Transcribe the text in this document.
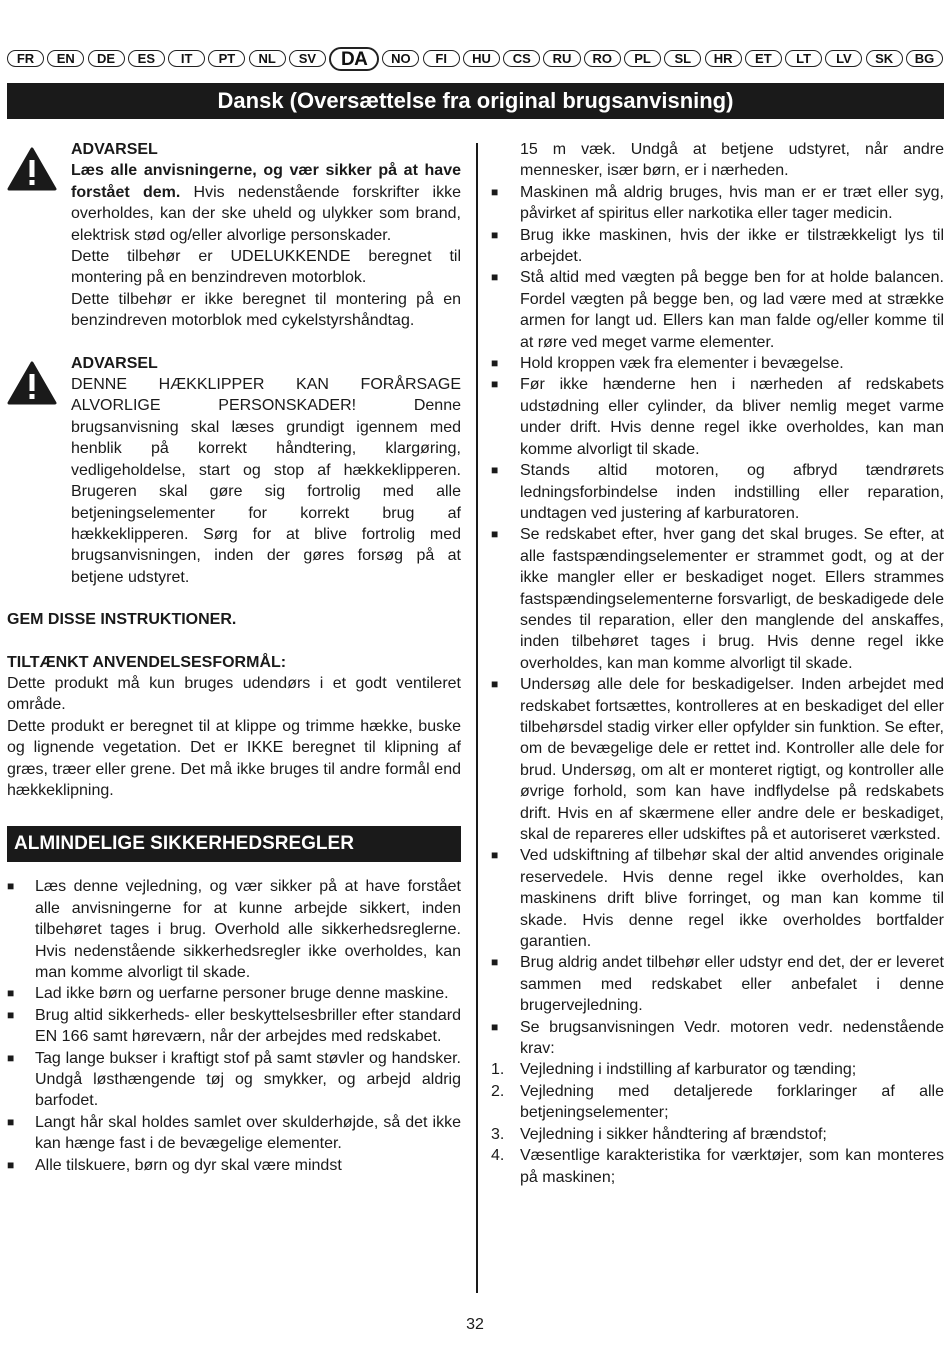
FR	EN	DE	ES	IT	PT	NL	SV	DA	NO	FI	HU	CS	RU	RO	PL	SL	HR	ET	LT	LV	SK	BG
Dansk (Oversættelse fra original brugsanvisning)
ADVARSEL

Læs alle anvisningerne, og vær sikker på at have forstået dem. Hvis nedenstående forskrifter ikke overholdes, kan der ske uheld og ulykker som brand, elektrisk stød og/eller alvorlige personskader.

Dette tilbehør er UDELUKKENDE beregnet til montering på en benzindreven motorblok.

Dette tilbehør er ikke beregnet til montering på en benzindreven motorblok med cykelstyrshåndtag.

ADVARSEL

DENNE HÆKKLIPPER KAN FORÅRSAGE ALVORLIGE PERSONSKADER! Denne brugsanvisning skal læses grundigt igennem med henblik på korrekt håndtering, klargøring, vedligeholdelse, start og stop af hækkeklipperen. Brugeren skal gøre sig fortrolig med alle betjeningselementer for korrekt brug af hækkeklipperen. Sørg for at blive fortrolig med brugsanvisningen, inden der gøres forsøg på at betjene udstyret.

GEM DISSE INSTRUKTIONER.
TILTÆNKT ANVENDELSESFORMÅL:

Dette produkt må kun bruges udendørs i et godt ventileret område.

Dette produkt er beregnet til at klippe og trimme hække, buske og lignende vegetation. Det er IKKE beregnet til klipning af græs, træer eller grene. Det må ikke bruges til andre formål end hækkeklipning.

ALMINDELIGE SIKKERHEDSREGLER
■ Læs denne vejledning, og vær sikker på at have forstået alle anvisningerne for at kunne arbejde sikkert, inden tilbehøret tages i brug. Overhold alle sikkerhedsreglerne. Hvis nedenstående sikkerhedsregler ikke overholdes, kan man komme alvorligt til skade.
■ Lad ikke børn og uerfarne personer bruge denne maskine.
■ Brug altid sikkerheds- eller beskyttelsesbriller efter standard EN 166 samt høreværn, når der arbejdes med redskabet.
■ Tag lange bukser i kraftigt stof på samt støvler og handsker. Undgå løsthængende tøj og smykker, og arbejd aldrig barfodet.
■ Langt hår skal holdes samlet over skulderhøjde, så det ikke kan hænge fast i de bevægelige elementer.
■ Alle tilskuere, børn og dyr skal være mindst
15 m væk. Undgå at betjene udstyret, når andre mennesker, især børn, er i nærheden.
■ Maskinen må aldrig bruges, hvis man er er træt eller syg, påvirket af spiritus eller narkotika eller tager medicin.
■ Brug ikke maskinen, hvis der ikke er tilstrækkeligt lys til arbejdet.
■ Stå altid med vægten på begge ben for at holde balancen. Fordel vægten på begge ben, og lad være med at strække armen for langt ud. Ellers kan man falde og/eller komme til at røre ved meget varme elementer.
■ Hold kroppen væk fra elementer i bevægelse.
■ Før ikke hænderne hen i nærheden af redskabets udstødning eller cylinder, da bliver nemlig meget varme under drift. Hvis denne regel ikke overholdes, kan man komme alvorligt til skade.
■ Stands altid motoren, og afbryd tændrørets ledningsforbindelse inden indstilling eller reparation, undtagen ved justering af karburatoren.
■ Se redskabet efter, hver gang det skal bruges. Se efter, at alle fastspændingselementer er strammet godt, og at der ikke mangler eller er beskadiget noget. Ellers strammes fastspændingselementerne forsvarligt, de beskadigede dele sendes til reparation, eller den manglende del anskaffes, inden tilbehøret tages i brug. Hvis denne regel ikke overholdes, kan man komme alvorligt til skade.
■ Undersøg alle dele for beskadigelser. Inden arbejdet med redskabet fortsættes, kontrolleres at en beskadiget del eller tilbehørsdel stadig virker eller opfylder sin funktion. Se efter, om de bevægelige dele er rettet ind. Kontroller alle dele for brud. Undersøg, om alt er monteret rigtigt, og kontroller alle øvrige forhold, som kan have indflydelse på redskabets drift. Hvis en af skærmene eller andre dele er beskadiget, skal de repareres eller udskiftes på et autoriseret værksted.
■ Ved udskiftning af tilbehør skal der altid anvendes originale reservedele. Hvis denne regel ikke overholdes, kan maskinens drift blive forringet, og man kan komme til skade. Hvis denne regel ikke overholdes bortfalder garantien.
■ Brug aldrig andet tilbehør eller udstyr end det, der er leveret sammen med redskabet eller anbefalet i denne brugervejledning.
■ Se brugsanvisningen Vedr. motoren vedr. nedenstående krav:
1. Vejledning i indstilling af karburator og tænding;
2. Vejledning med detaljerede forklaringer af alle betjeningselementer;
3. Vejledning i sikker håndtering af brændstof;
4. Væsentlige karakteristika for værktøjer, som kan monteres på maskinen;
32
